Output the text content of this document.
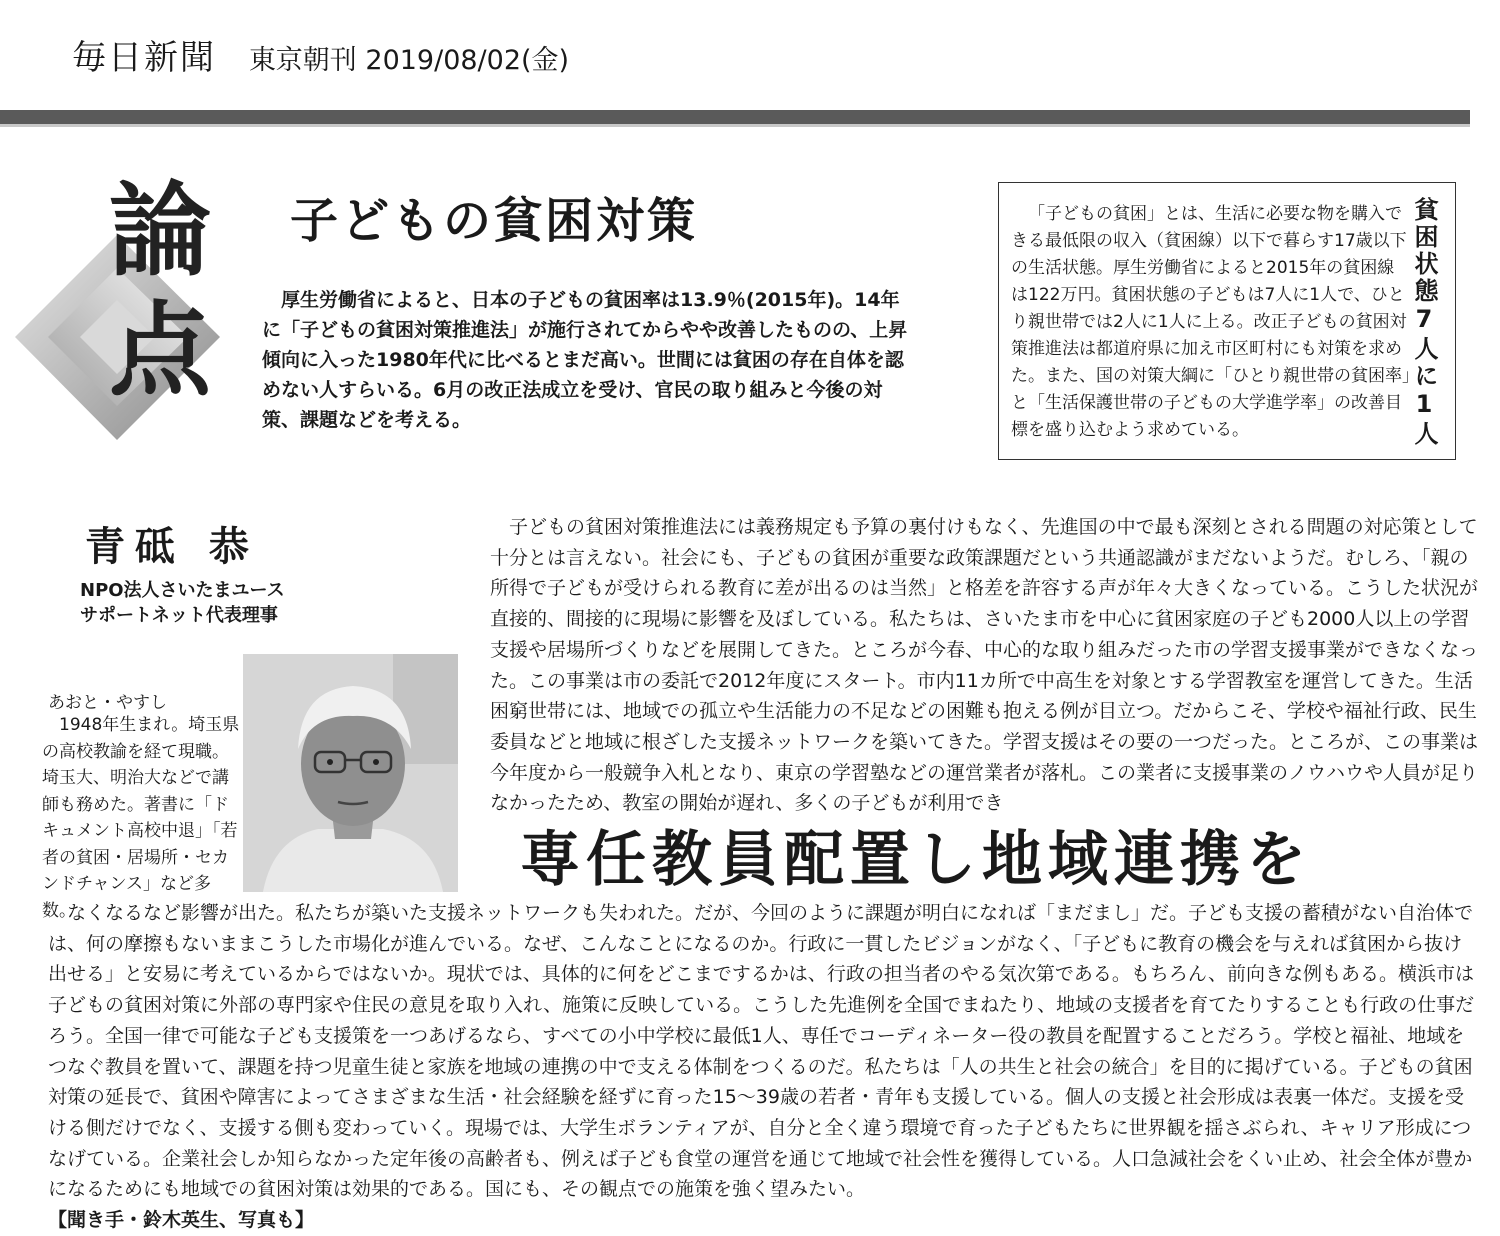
毎日新聞 東京朝刊 2019/08/02(金)
論点 子どもの貧困対策
厚生労働省によると、日本の子どもの貧困率は13.9％(2015年)。14年に「子どもの貧困対策推進法」が施行されてからやや改善したものの、上昇傾向に入った1980年代に比べるとまだ高い。世間には貧困の存在自体を認めない人すらいる。6月の改正法成立を受け、官民の取り組みと今後の対策、課題などを考える。	貧困状態7人に1人
「子どもの貧困」とは、生活に必要な物を購入できる最低限の収入（貧困線）以下で暮らす17歳以下の生活状態。厚生労働省によると2015年の貧困線は122万円。貧困状態の子どもは7人に1人で、ひとり親世帯では2人に1人に上る。改正子どもの貧困対策推進法は都道府県に加え市区町村にも対策を求めた。また、国の対策大綱に「ひとり親世帯の貧困率」と「生活保護世帯の子どもの大学進学率」の改善目標を盛り込むよう求めている。
青砥 恭
NPO法人さいたまユース
サポートネット代表理事
あおと・やすし
1948年生まれ。埼玉県の高校教諭を経て現職。埼玉大、明治大などで講師も務めた。著書に「ドキュメント高校中退」「若者の貧困・居場所・セカンドチャンス」など多数。

子どもの貧困対策推進法には義務規定も予算の裏付けもなく、先進国の中で最も深刻とされる問題の対応策として十分とは言えない。社会にも、子どもの貧困が重要な政策課題だという共通認識がまだないようだ。むしろ、「親の所得で子どもが受けられる教育に差が出るのは当然」と格差を許容する声が年々大きくなっている。こうした状況が直接的、間接的に現場に影響を及ぼしている。私たちは、さいたま市を中心に貧困家庭の子ども2000人以上の学習支援や居場所づくりなどを展開してきた。ところが今春、中心的な取り組みだった市の学習支援事業ができなくなった。この事業は市の委託で2012年度にスタート。市内11カ所で中高生を対象とする学習教室を運営してきた。生活困窮世帯には、地域での孤立や生活能力の不足などの困難も抱える例が目立つ。だからこそ、学校や福祉行政、民生委員などと地域に根ざした支援ネットワークを築いてきた。学習支援はその要の一つだった。ところが、この事業は今年度から一般競争入札となり、東京の学習塾などの運営業者が落札。この業者に支援事業のノウハウや人員が足りなかったため、教室の開始が遅れ、多くの子どもが利用でき

専任教員配置し地域連携を

なくなるなど影響が出た。私たちが築いた支援ネットワークも失われた。だが、今回のように課題が明白になれば「まだまし」だ。子ども支援の蓄積がない自治体では、何の摩擦もないままこうした市場化が進んでいる。なぜ、こんなことになるのか。行政に一貫したビジョンがなく、「子どもに教育の機会を与えれば貧困から抜け出せる」と安易に考えているからではないか。現状では、具体的に何をどこまでするかは、行政の担当者のやる気次第である。もちろん、前向きな例もある。横浜市は子どもの貧困対策に外部の専門家や住民の意見を取り入れ、施策に反映している。こうした先進例を全国でまねたり、地域の支援者を育てたりすることも行政の仕事だろう。全国一律で可能な子ども支援策を一つあげるなら、すべての小中学校に最低1人、専任でコーディネーター役の教員を配置することだろう。学校と福祉、地域をつなぐ教員を置いて、課題を持つ児童生徒と家族を地域の連携の中で支える体制をつくるのだ。私たちは「人の共生と社会の統合」を目的に掲げている。子どもの貧困対策の延長で、貧困や障害によってさまざまな生活・社会経験を経ずに育った15～39歳の若者・青年も支援している。個人の支援と社会形成は表裏一体だ。支援を受ける側だけでなく、支援する側も変わっていく。現場では、大学生ボランティアが、自分と全く違う環境で育った子どもたちに世界観を揺さぶられ、キャリア形成につなげている。企業社会しか知らなかった定年後の高齢者も、例えば子ども食堂の運営を通じて地域で社会性を獲得している。人口急減社会をくい止め、社会全体が豊かになるためにも地域での貧困対策は効果的である。国にも、その観点での施策を強く望みたい。

【聞き手・鈴木英生、写真も】
